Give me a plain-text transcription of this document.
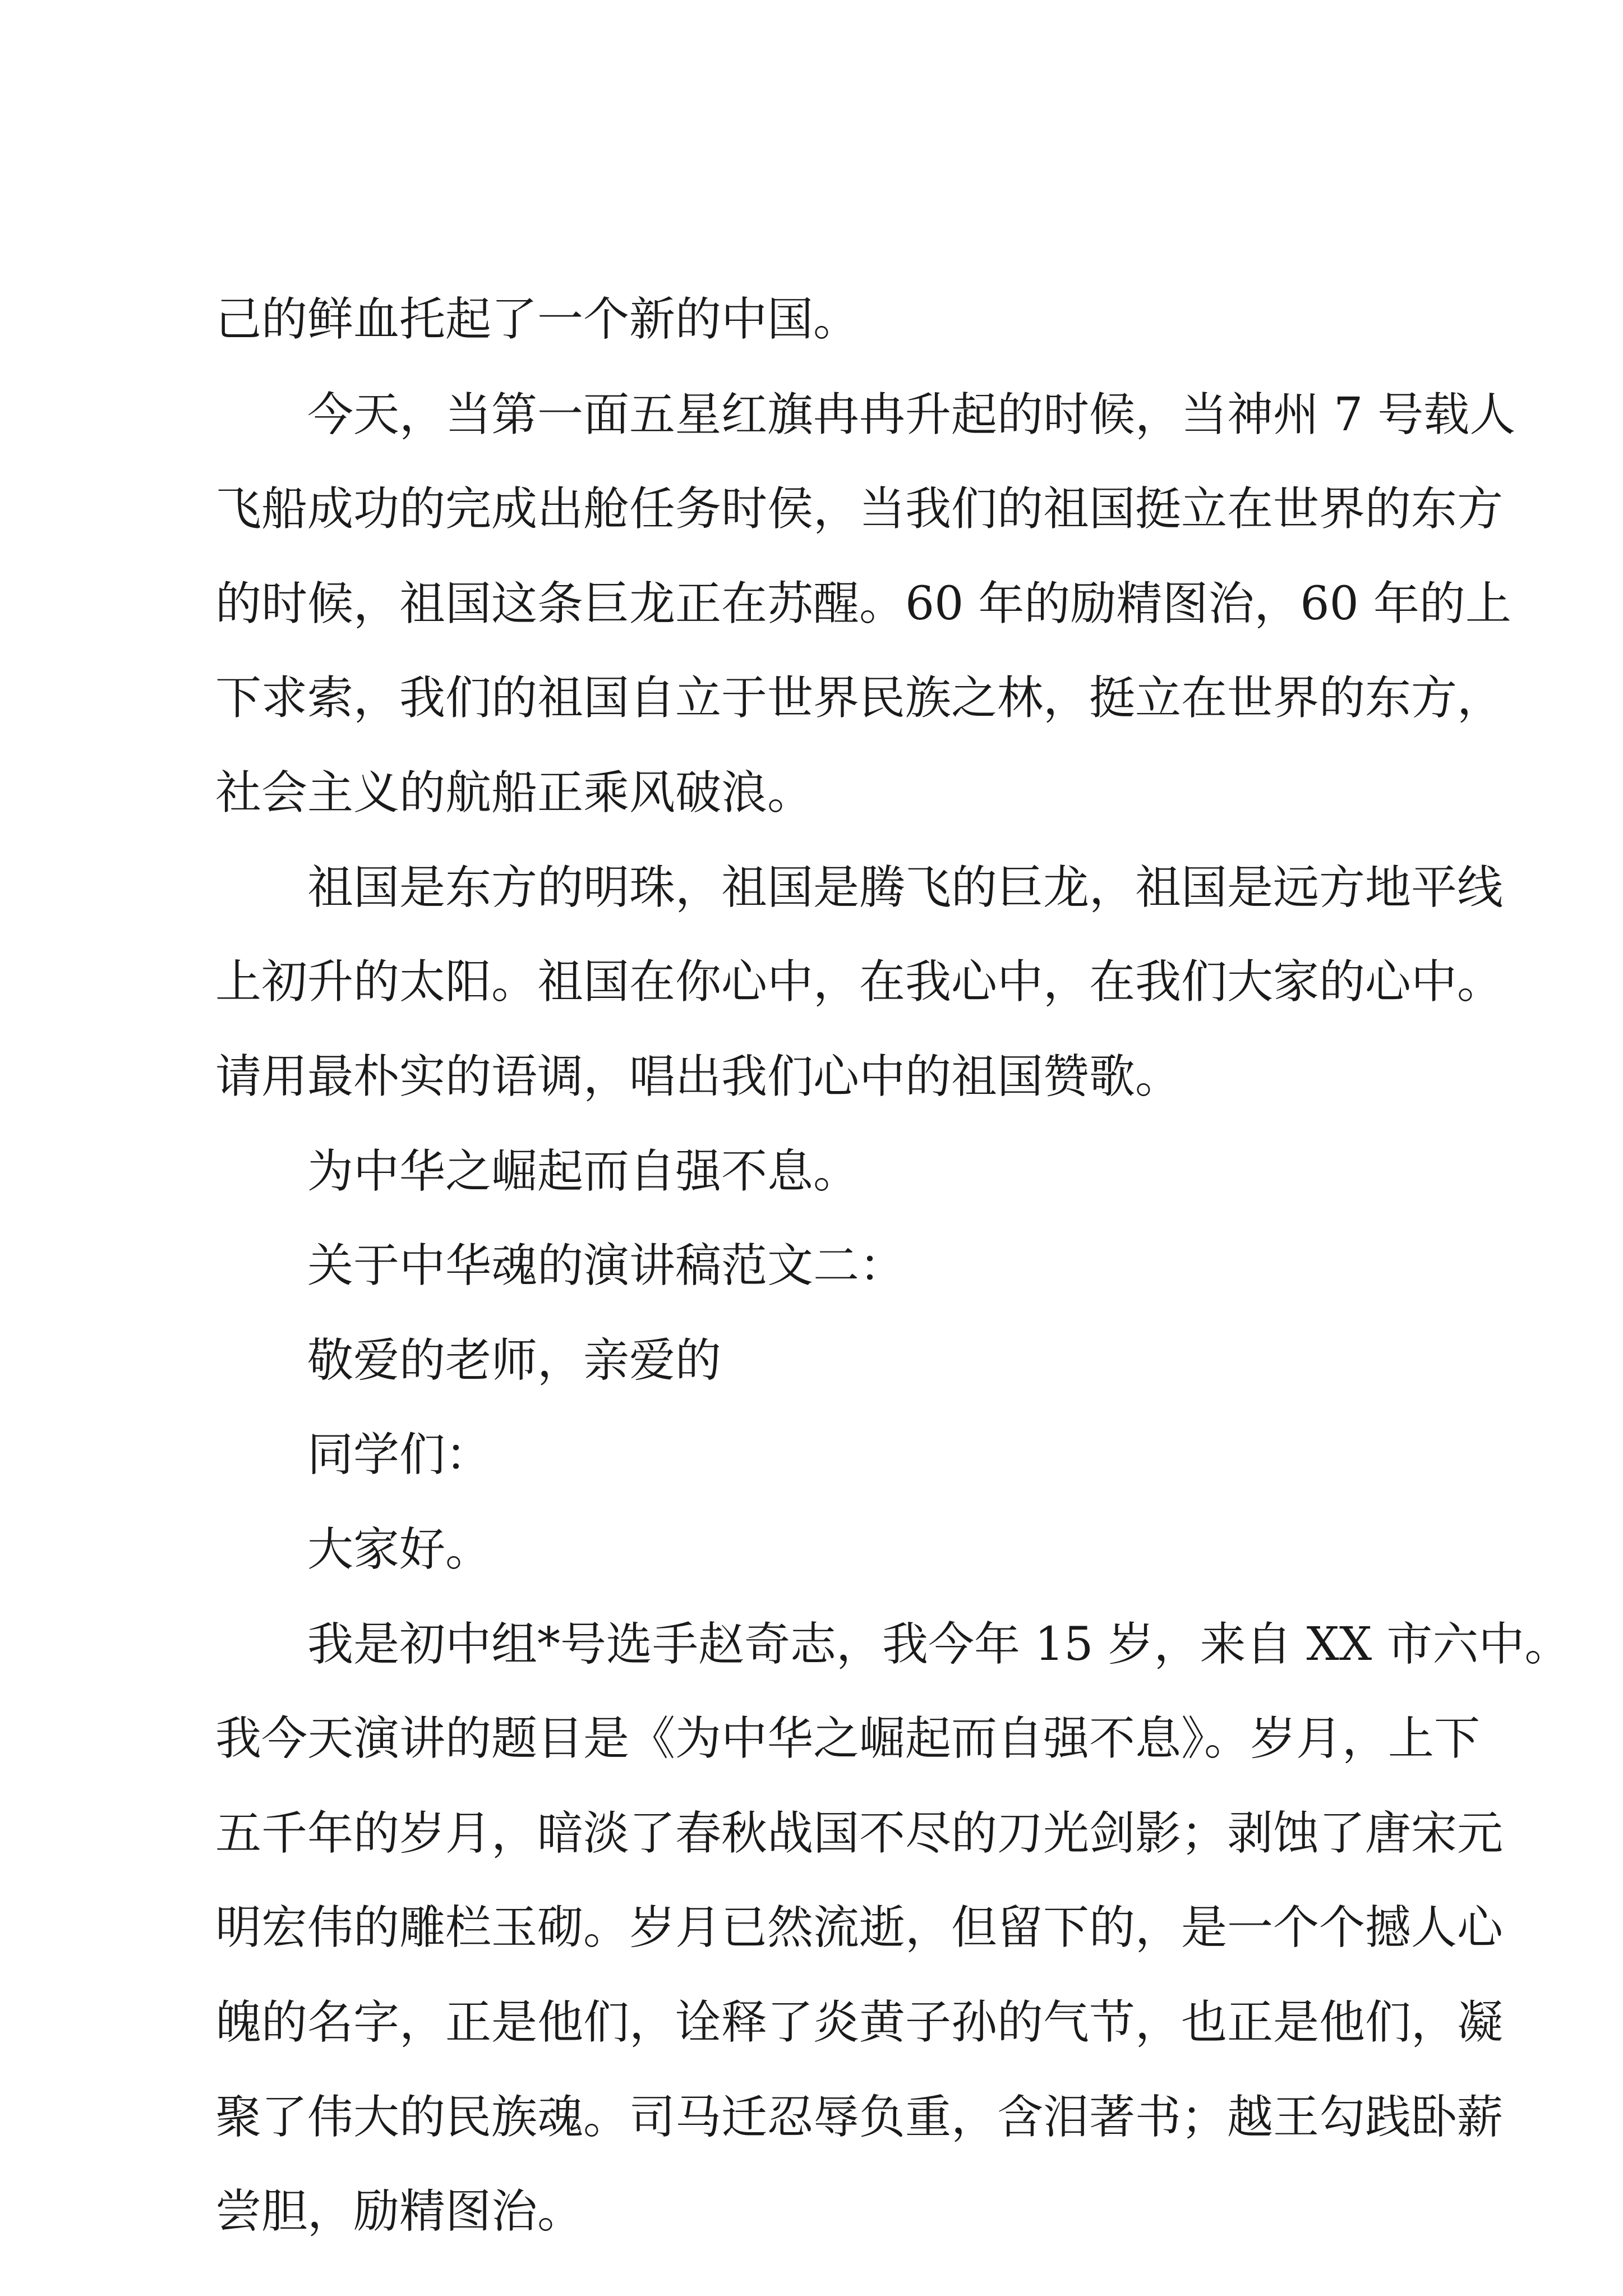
己的鲜血托起了一个新的中国。
今天，当第一面五星红旗冉冉升起的时候，当神州 7 号载人
飞船成功的完成出舱任务时侯，当我们的祖国挺立在世界的东方
的时候，祖国这条巨龙正在苏醒。60 年的励精图治，60 年的上
下求索，我们的祖国自立于世界民族之林，挺立在世界的东方，
社会主义的航船正乘风破浪。
祖国是东方的明珠，祖国是腾飞的巨龙，祖国是远方地平线
上初升的太阳。祖国在你心中，在我心中，在我们大家的心中。
请用最朴实的语调，唱出我们心中的祖国赞歌。
为中华之崛起而自强不息。
关于中华魂的演讲稿范文二：
敬爱的老师，亲爱的
同学们：
大家好。
我是初中组*号选手赵奇志，我今年 15 岁，来自 XX 市六中。
我今天演讲的题目是《为中华之崛起而自强不息》。岁月，上下
五千年的岁月，暗淡了春秋战国不尽的刀光剑影；剥蚀了唐宋元
明宏伟的雕栏玉砌。岁月已然流逝，但留下的，是一个个撼人心
魄的名字，正是他们，诠释了炎黄子孙的气节，也正是他们，凝
聚了伟大的民族魂。司马迁忍辱负重，含泪著书；越王勾践卧薪
尝胆，励精图治。
